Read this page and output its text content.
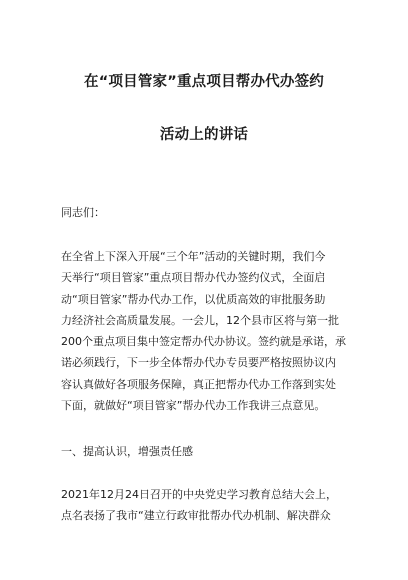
在“项目管家”重点项目帮办代办签约
活动上的讲话
同志们：
在全省上下深入开展“三个年”活动的关键时期，我们今
天举行“项目管家”重点项目帮办代办签约仪式，全面启
动“项目管家”帮办代办工作，以优质高效的审批服务助
力经济社会高质量发展。一会儿，12个县市区将与第一批
200个重点项目集中签定帮办代办协议。签约就是承诺，承
诺必须践行，下一步全体帮办代办专员要严格按照协议内
容认真做好各项服务保障，真正把帮办代办工作落到实处
下面，就做好“项目管家”帮办代办工作我讲三点意见。
一、提高认识，增强责任感
2021年12月24日召开的中央党史学习教育总结大会上，
点名表扬了我市“建立行政审批帮办代办机制、解决群众
